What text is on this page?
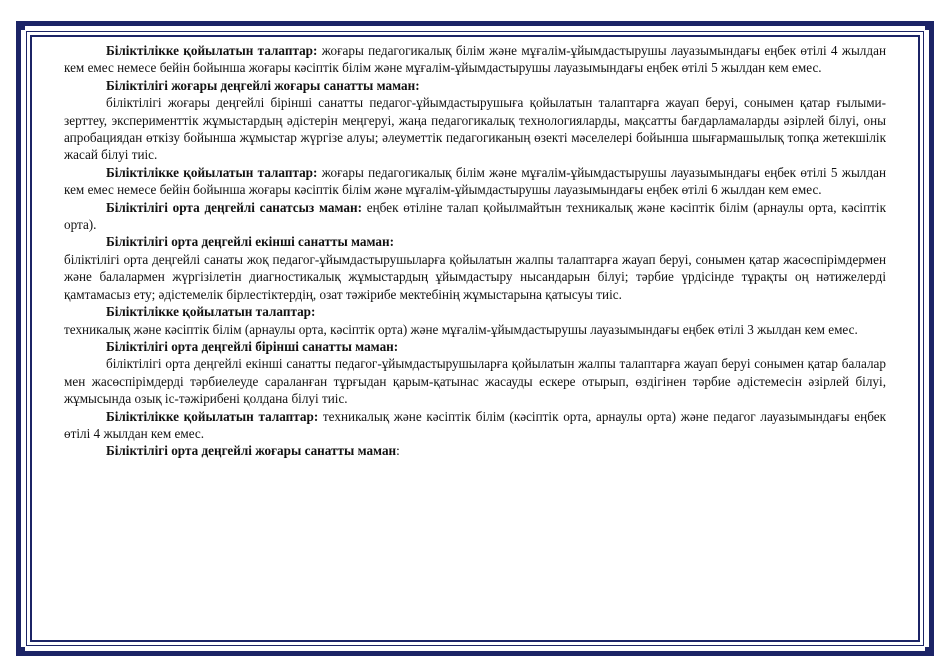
Біліктілікке қойылатын талаптар: жоғары педагогикалық білім және мұғалім-ұйымдастырушы лауазымындағы еңбек өтілі 4 жылдан кем емес немесе бейін бойынша жоғары кәсіптік білім және мұғалім-ұйымдастырушы лауазымындағы еңбек өтілі 5 жылдан кем емес.

Біліктілігі жоғары деңгейлі жоғары санатты маман:

біліктілігі жоғары деңгейлі бірінші санатты педагог-ұйымдастырушыға қойылатын талаптарға жауап беруі, сонымен қатар ғылыми-зерттеу, эксперименттік жұмыстардың әдістерін меңгеруі, жаңа педагогикалық технологияларды, мақсатты бағдарламаларды әзірлей білуі, оны апробациядан өткізу бойынша жұмыстар жүргізе алуы; әлеуметтік педагогиканың өзекті мәселелері бойынша шығармашылық топқа жетекшілік жасай білуі тиіс.

Біліктілікке қойылатын талаптар: жоғары педагогикалық білім және мұғалім-ұйымдастырушы лауазымындағы еңбек өтілі 5 жылдан кем емес немесе бейін бойынша жоғары кәсіптік білім және мұғалім-ұйымдастырушы лауазымындағы еңбек өтілі 6 жылдан кем емес.

Біліктілігі орта деңгейлі санатсыз маман: еңбек өтіліне талап қойылмайтын техникалық және кәсіптік білім (арнаулы орта, кәсіптік орта).

Біліктілігі орта деңгейлі екінші санатты маман:

біліктілігі орта деңгейлі санаты жоқ педагог-ұйымдастырушыларға қойылатын жалпы талаптарға жауап беруі, сонымен қатар жасөспірімдермен және балалармен жүргізілетін диагностикалық жұмыстардың ұйымдастыру нысандарын білуі; тәрбие үрдісінде тұрақты оң нәтижелерді қамтамасыз ету; әдістемелік бірлестіктердің, озат тәжірибе мектебінің жұмыстарына қатысуы тиіс.

Біліктілікке қойылатын талаптар:

техникалық және кәсіптік білім (арнаулы орта, кәсіптік орта) және мұғалім-ұйымдастырушы лауазымындағы еңбек өтілі 3 жылдан кем емес.

Біліктілігі орта деңгейлі бірінші санатты маман:

біліктілігі орта деңгейлі екінші санатты педагог-ұйымдастырушыларға қойылатын жалпы талаптарға жауап беруі сонымен қатар балалар мен жасөспірімдерді тәрбиелеуде сараланған тұрғыдан қарым-қатынас жасауды ескере отырып, өздігінен тәрбие әдістемесін әзірлей білуі, жұмысында озық іс-тәжірибені қолдана білуі тиіс.

Біліктілікке қойылатын талаптар: техникалық және кәсіптік білім (кәсіптік орта, арнаулы орта) және педагог лауазымындағы еңбек өтілі 4 жылдан кем емес.

Біліктілігі орта деңгейлі жоғары санатты маман:
